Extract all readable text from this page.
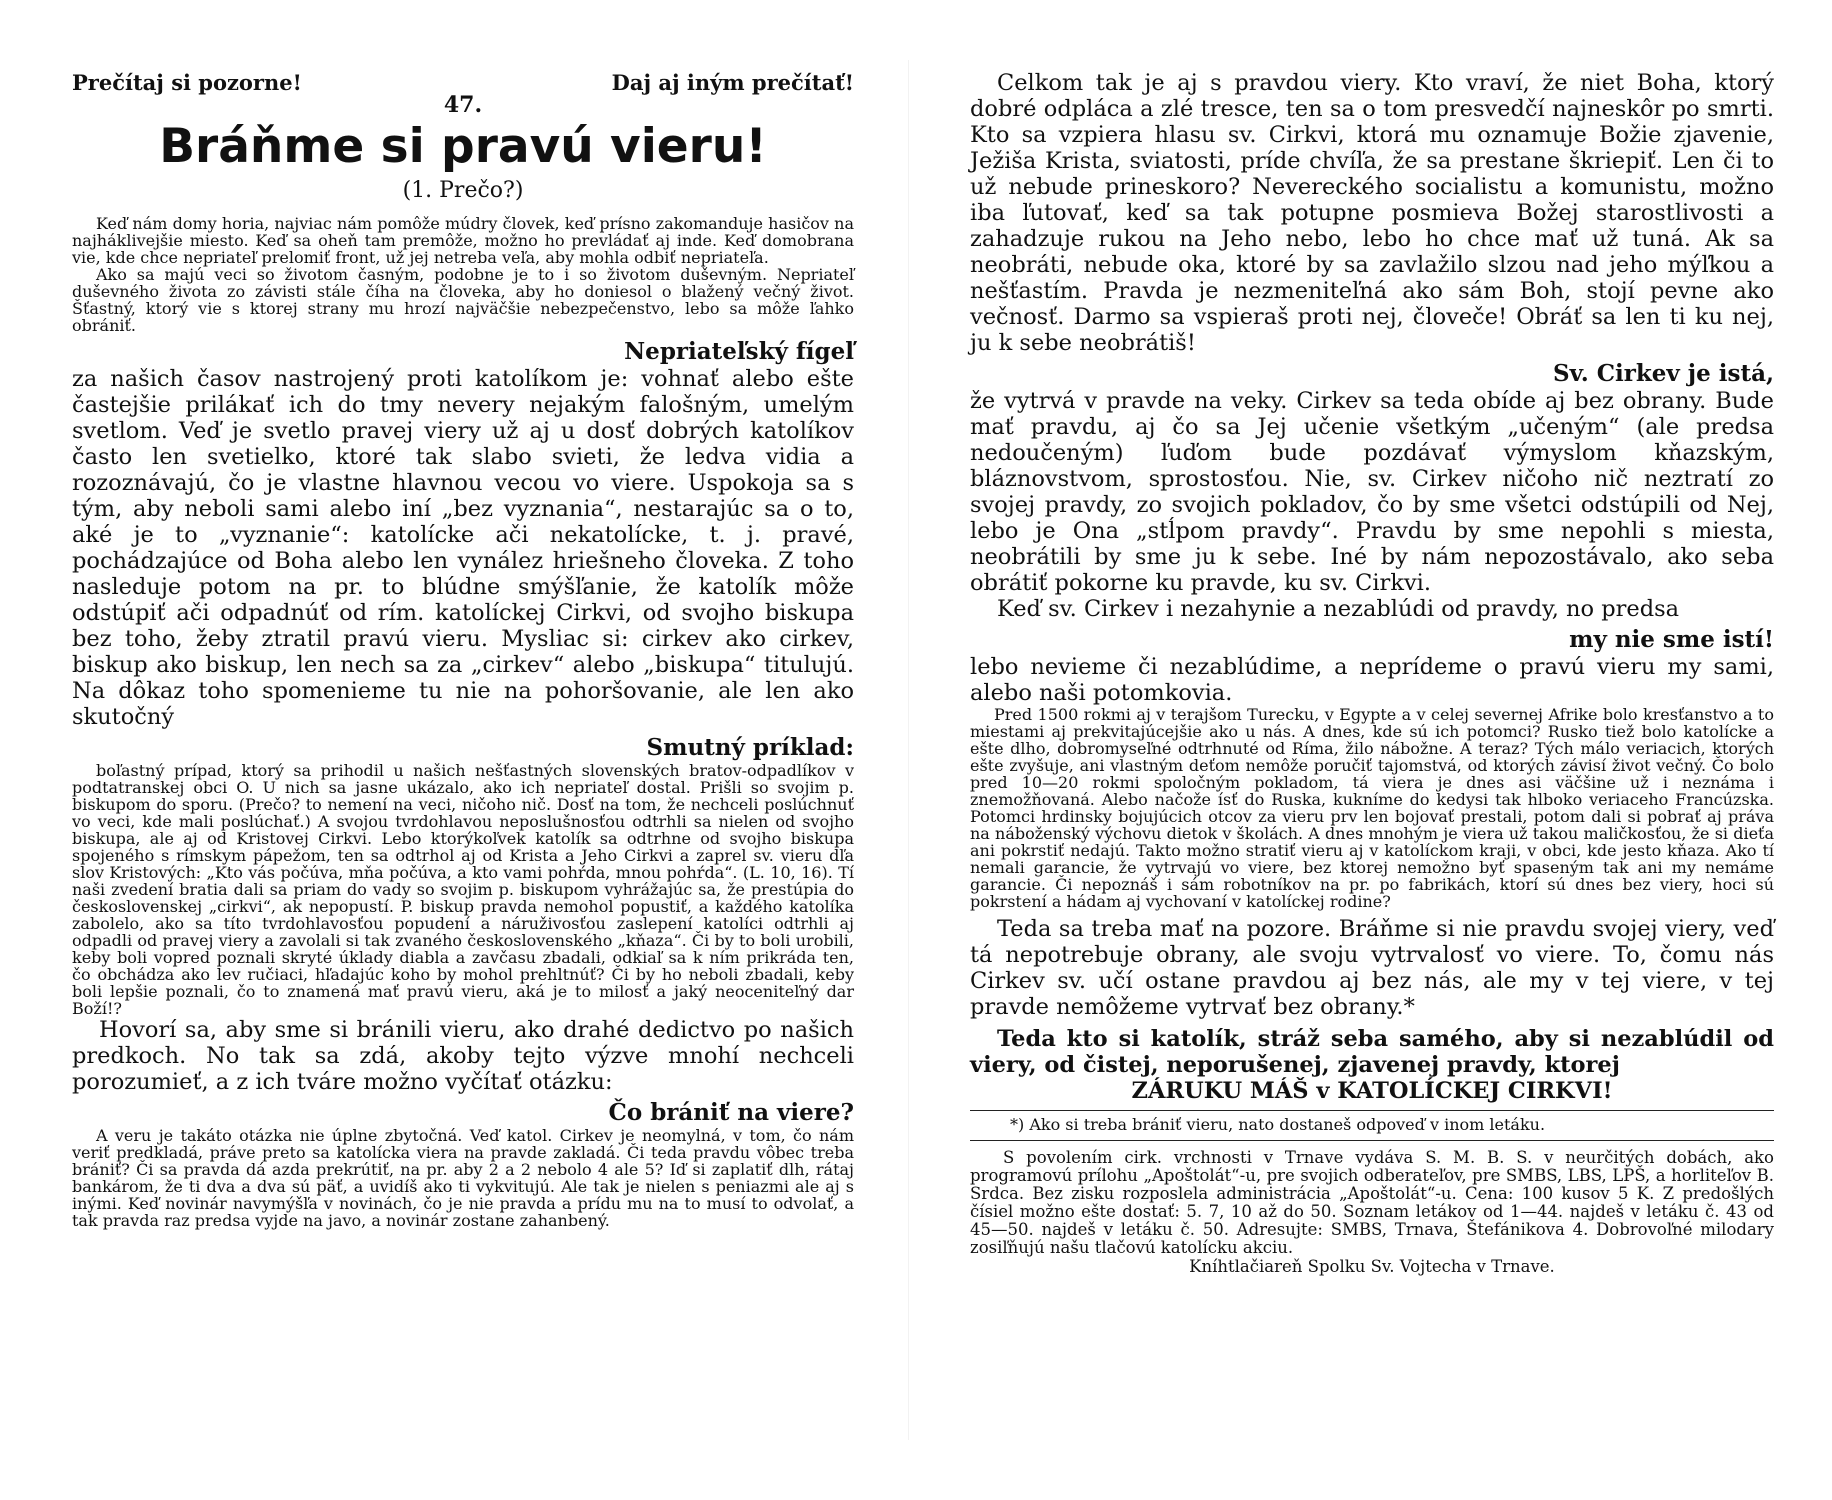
Prečítaj si pozorne!	Daj aj iným prečítať!
47.
Bráňme si pravú vieru!
(1. Prečo?)

Keď nám domy horia, najviac nám pomôže múdry človek, keď prísno zakomanduje hasičov na najháklivejšie miesto. Keď sa oheň tam premôže, možno ho prevládať aj inde. Keď domobrana vie, kde chce nepriateľ prelomiť front, už jej netreba veľa, aby mohla odbiť nepriateľa.

Ako sa majú veci so životom časným, podobne je to i so životom duševným. Nepriateľ duševného života zo závisti stále číha na človeka, aby ho doniesol o blažený večný život. Šťastný, ktorý vie s ktorej strany mu hrozí najväčšie nebezpečenstvo, lebo sa môže ľahko obrániť.

Nepriateľský fígeľ

za našich časov nastrojený proti katolíkom je: vohnať alebo ešte častejšie prilákať ich do tmy nevery nejakým falošným, umelým svetlom. Veď je svetlo pravej viery už aj u dosť dobrých katolíkov často len svetielko, ktoré tak slabo svieti, že ledva vidia a rozoznávajú, čo je vlastne hlavnou vecou vo viere. Uspokoja sa s tým, aby neboli sami alebo iní „bez vyznania“, nestarajúc sa o to, aké je to „vyznanie“: katolícke ači nekatolícke, t. j. pravé, pochádzajúce od Boha alebo len vynález hriešneho človeka. Z toho nasleduje potom na pr. to blúdne smýšľanie, že katolík môže odstúpiť ači odpadnúť od rím. katolíckej Cirkvi, od svojho biskupa bez toho, žeby ztratil pravú vieru. Mysliac si: cirkev ako cirkev, biskup ako biskup, len nech sa za „cirkev“ alebo „biskupa“ titulujú. Na dôkaz toho spomenieme tu nie na pohoršovanie, ale len ako skutočný

Smutný príklad:

boľastný prípad, ktorý sa prihodil u našich nešťastných slovenských bratov-odpadlíkov v podtatranskej obci O. U nich sa jasne ukázalo, ako ich nepriateľ dostal. Prišli so svojim p. biskupom do sporu. (Prečo? to nemení na veci, ničoho nič. Dosť na tom, že nechceli poslúchnuť vo veci, kde mali poslúchať.) A svojou tvrdohlavou neposlušnosťou odtrhli sa nielen od svojho biskupa, ale aj od Kristovej Cirkvi. Lebo ktorýkoľvek katolík sa odtrhne od svojho biskupa spojeného s rímskym pápežom, ten sa odtrhol aj od Krista a Jeho Cirkvi a zaprel sv. vieru dľa slov Kristových: „Kto vás počúva, mňa počúva, a kto vami pohŕda, mnou pohŕda“. (L. 10, 16). Tí naši zvedení bratia dali sa priam do vady so svojim p. biskupom vyhrážajúc sa, že prestúpia do československej „cirkvi“, ak nepopustí. P. biskup pravda nemohol popustiť, a každého katolíka zabolelo, ako sa títo tvrdohlavosťou popudení a náruživosťou zaslepení katolíci odtrhli aj odpadli od pravej viery a zavolali si tak zvaného československého „kňaza“. Či by to boli urobili, keby boli vopred poznali skryté úklady diabla a zavčasu zbadali, odkiaľ sa k ním prikráda ten, čo obchádza ako lev ručiaci, hľadajúc koho by mohol prehltnúť? Či by ho neboli zbadali, keby boli lepšie poznali, čo to znamená mať pravú vieru, aká je to milosť a jaký neoceniteľný dar Boží!?

Hovorí sa, aby sme si bránili vieru, ako drahé dedictvo po našich predkoch. No tak sa zdá, akoby tejto výzve mnohí nechceli porozumieť, a z ich tváre možno vyčítať otázku:

Čo brániť na viere?

A veru je takáto otázka nie úplne zbytočná. Veď katol. Cirkev je neomylná, v tom, čo nám veriť predkladá, práve preto sa katolícka viera na pravde zakladá. Či teda pravdu vôbec treba brániť? Či sa pravda dá azda prekrútiť, na pr. aby 2 a 2 nebolo 4 ale 5? Iď si zaplatiť dlh, rátaj bankárom, že ti dva a dva sú päť, a uvidíš ako ti vykvitujú. Ale tak je nielen s peniazmi ale aj s inými. Keď novinár navymýšľa v novinách, čo je nie pravda a prídu mu na to musí to odvolať, a tak pravda raz predsa vyjde na javo, a novinár zostane zahanbený.

Celkom tak je aj s pravdou viery. Kto vraví, že niet Boha, ktorý dobré odpláca a zlé tresce, ten sa o tom presvedčí najneskôr po smrti. Kto sa vzpiera hlasu sv. Cirkvi, ktorá mu oznamuje Božie zjavenie, Ježiša Krista, sviatosti, príde chvíľa, že sa prestane škriepiť. Len či to už nebude prineskoro? Nevereckého socialistu a komunistu, možno iba ľutovať, keď sa tak potupne posmieva Božej starostlivosti a zahadzuje rukou na Jeho nebo, lebo ho chce mať už tuná. Ak sa neobráti, nebude oka, ktoré by sa zavlažilo slzou nad jeho mýľkou a nešťastím. Pravda je nezmeniteľná ako sám Boh, stojí pevne ako večnosť. Darmo sa vspieraš proti nej, človeče! Obráť sa len ti ku nej, ju k sebe neobrátiš!

Sv. Cirkev je istá,

že vytrvá v pravde na veky. Cirkev sa teda obíde aj bez obrany. Bude mať pravdu, aj čo sa Jej učenie všetkým „učeným“ (ale predsa nedoučeným) ľuďom bude pozdávať výmyslom kňazským, bláznovstvom, sprostosťou. Nie, sv. Cirkev ničoho nič neztratí zo svojej pravdy, zo svojich pokladov, čo by sme všetci odstúpili od Nej, lebo je Ona „stĺpom pravdy“. Pravdu by sme nepohli s miesta, neobrátili by sme ju k sebe. Iné by nám nepozostávalo, ako seba obrátiť pokorne ku pravde, ku sv. Cirkvi.

Keď sv. Cirkev i nezahynie a nezablúdi od pravdy, no predsa

my nie sme istí!

lebo nevieme či nezablúdime, a neprídeme o pravú vieru my sami, alebo naši potomkovia.

Pred 1500 rokmi aj v terajšom Turecku, v Egypte a v celej severnej Afrike bolo kresťanstvo a to miestami aj prekvitajúcejšie ako u nás. A dnes, kde sú ich potomci? Rusko tiež bolo katolícke a ešte dlho, dobromyseľné odtrhnuté od Ríma, žilo nábožne. A teraz? Tých málo veriacich, ktorých ešte zvyšuje, ani vlastným deťom nemôže poručiť tajomstvá, od ktorých závisí život večný. Čo bolo pred 10—20 rokmi spoločným pokladom, tá viera je dnes asi väčšine už i neznáma i znemožňovaná. Alebo načože ísť do Ruska, kukníme do kedysi tak hlboko veriaceho Francúzska. Potomci hrdinsky bojujúcich otcov za vieru prv len bojovať prestali, potom dali si pobrať aj práva na náboženský výchovu dietok v školách. A dnes mnohým je viera už takou maličkosťou, že si dieťa ani pokrstiť nedajú. Takto možno stratiť vieru aj v katolíckom kraji, v obci, kde jesto kňaza. Ako tí nemali garancie, že vytrvajú vo viere, bez ktorej nemožno byť spaseným tak ani my nemáme garancie. Či nepoznáš i sám robotníkov na pr. po fabrikách, ktorí sú dnes bez viery, hoci sú pokrstení a hádam aj vychovaní v katolíckej rodine?

Teda sa treba mať na pozore. Bráňme si nie pravdu svojej viery, veď tá nepotrebuje obrany, ale svoju vytrvalosť vo viere. To, čomu nás Cirkev sv. učí ostane pravdou aj bez nás, ale my v tej viere, v tej pravde nemôžeme vytrvať bez obrany.*

Teda kto si katolík, stráž seba samého, aby si nezablúdil od viery, od čistej, neporušenej, zjavenej pravdy, ktorej

ZÁRUKU MÁŠ v KATOLÍCKEJ CIRKVI!
*) Ako si treba brániť vieru, nato dostaneš odpoveď v inom letáku.

S povolením cirk. vrchnosti v Trnave vydáva S. M. B. S. v neurčitých dobách, ako programovú prílohu „Apoštolát“-u, pre svojich odberateľov, pre SMBS, LBS, LPŠ, a horliteľov B. Srdca. Bez zisku rozposlela administrácia „Apoštolát“-u. Cena: 100 kusov 5 K. Z predošlých čísiel možno ešte dostať: 5. 7, 10 až do 50. Soznam letákov od 1—44. najdeš v letáku č. 43 od 45—50. najdeš v letáku č. 50. Adresujte: SMBS, Trnava, Štefánikova 4. Dobrovoľné milodary zosiľňujú našu tlačovú katolícku akciu.

Kníhtlačiareň Spolku Sv. Vojtecha v Trnave.
